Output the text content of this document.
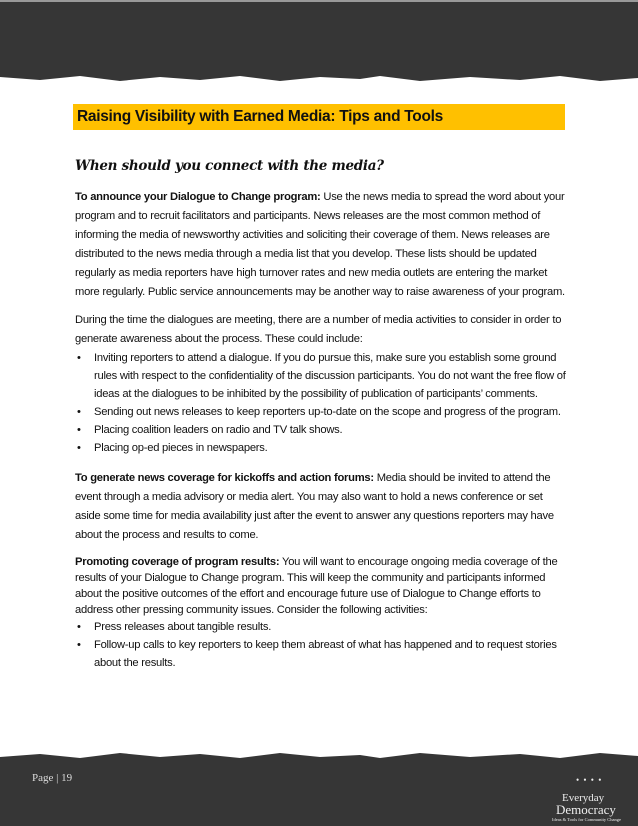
Raising Visibility with Earned Media: Tips and Tools
When should you connect with the media?

To announce your Dialogue to Change program: Use the news media to spread the word about your program and to recruit facilitators and participants. News releases are the most common method of informing the media of newsworthy activities and soliciting their coverage of them. News releases are distributed to the news media through a media list that you develop. These lists should be updated regularly as media reporters have high turnover rates and new media outlets are entering the market more regularly. Public service announcements may be another way to raise awareness of your program.

During the time the dialogues are meeting, there are a number of media activities to consider in order to generate awareness about the process. These could include:

• Inviting reporters to attend a dialogue. If you do pursue this, make sure you establish some ground rules with respect to the confidentiality of the discussion participants. You do not want the free flow of ideas at the dialogues to be inhibited by the possibility of publication of participants’ comments.
• Sending out news releases to keep reporters up-to-date on the scope and progress of the program.
• Placing coalition leaders on radio and TV talk shows.
• Placing op-ed pieces in newspapers.

To generate news coverage for kickoffs and action forums: Media should be invited to attend the event through a media advisory or media alert. You may also want to hold a news conference or set aside some time for media availability just after the event to answer any questions reporters may have about the process and results to come.

Promoting coverage of program results: You will want to encourage ongoing media coverage of the results of your Dialogue to Change program. This will keep the community and participants informed about the positive outcomes of the effort and encourage future use of Dialogue to Change efforts to address other pressing community issues. Consider the following activities:

• Press releases about tangible results.
• Follow-up calls to key reporters to keep them abreast of what has happened and to request stories about the results.
Page | 19	• • • •
Everyday
Democracy
Ideas & Tools for Community Change
